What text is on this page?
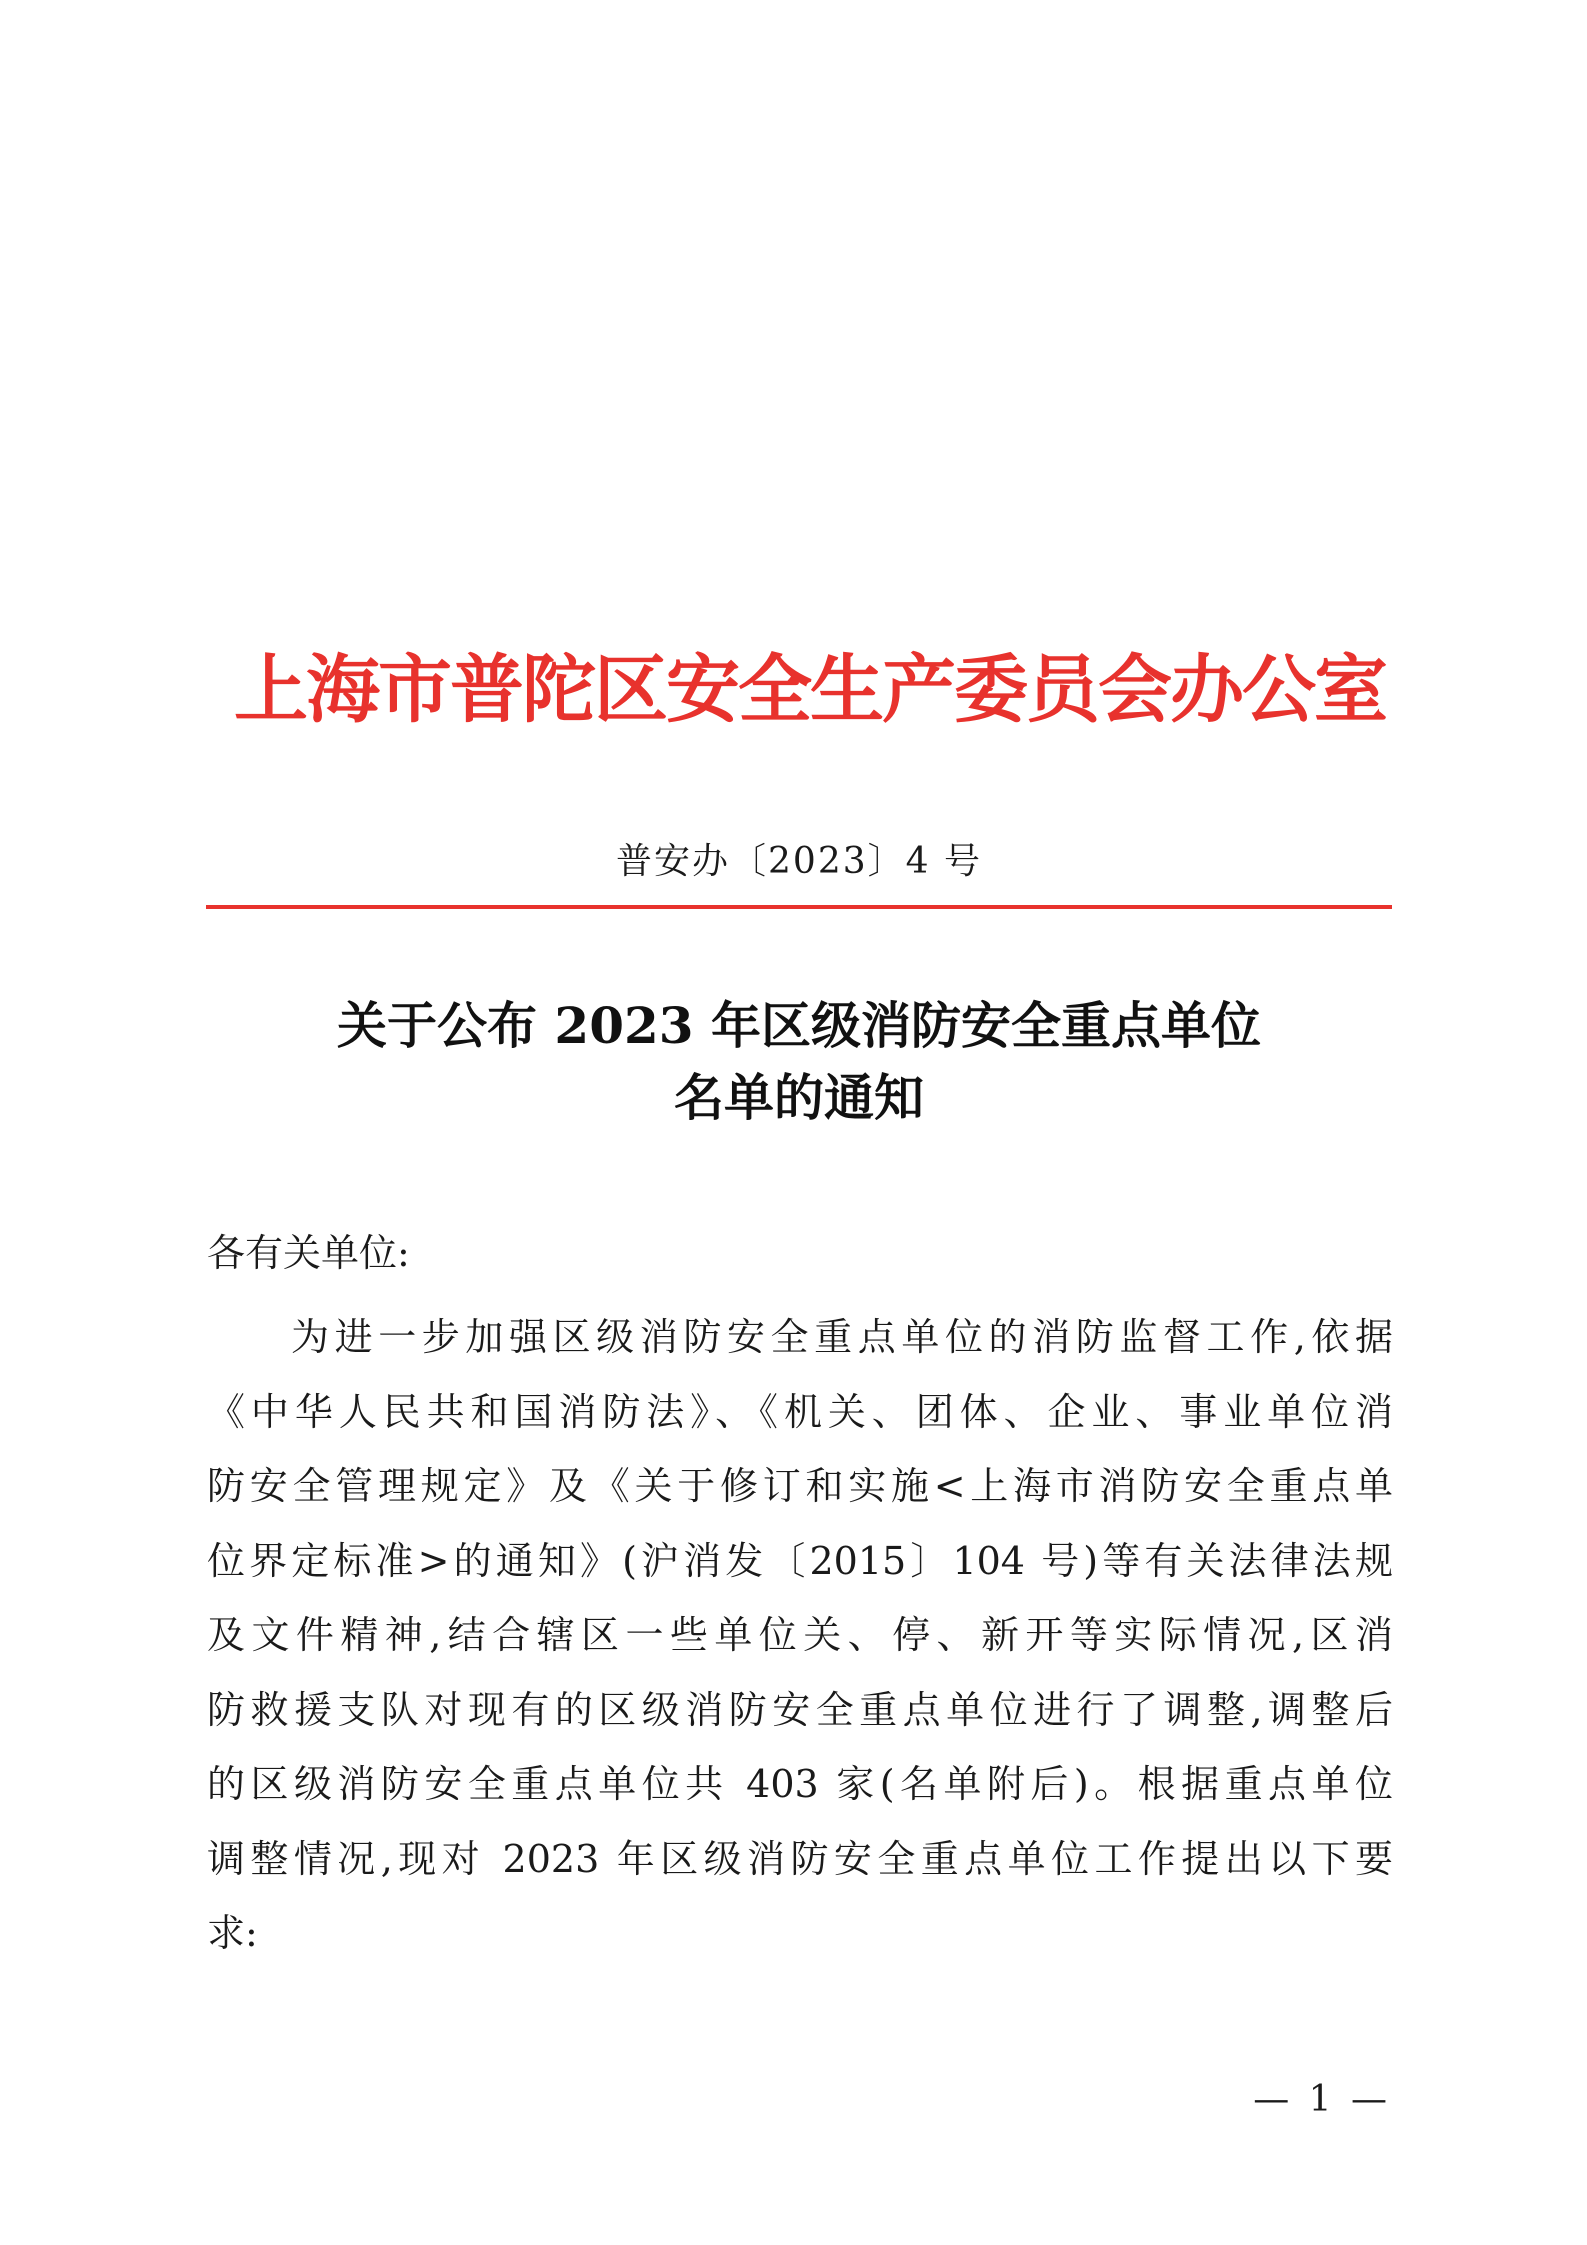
上海市普陀区安全生产委员会办公室
普安办〔2023〕4 号
关于公布 2023 年区级消防安全重点单位
名单的通知
各有关单位:
为进一步加强区级消防安全重点单位的消防监督工作,依据
《中华人民共和国消防法》、《机关、团体、企业、事业单位消
防安全管理规定》及《关于修订和实施<上海市消防安全重点单
位界定标准>的通知》(沪消发〔2015〕104 号)等有关法律法规
及文件精神,结合辖区一些单位关、停、新开等实际情况,区消
防救援支队对现有的区级消防安全重点单位进行了调整,调整后
的区级消防安全重点单位共 403 家(名单附后)。根据重点单位
调整情况,现对 2023 年区级消防安全重点单位工作提出以下要
求:
— 1 —
